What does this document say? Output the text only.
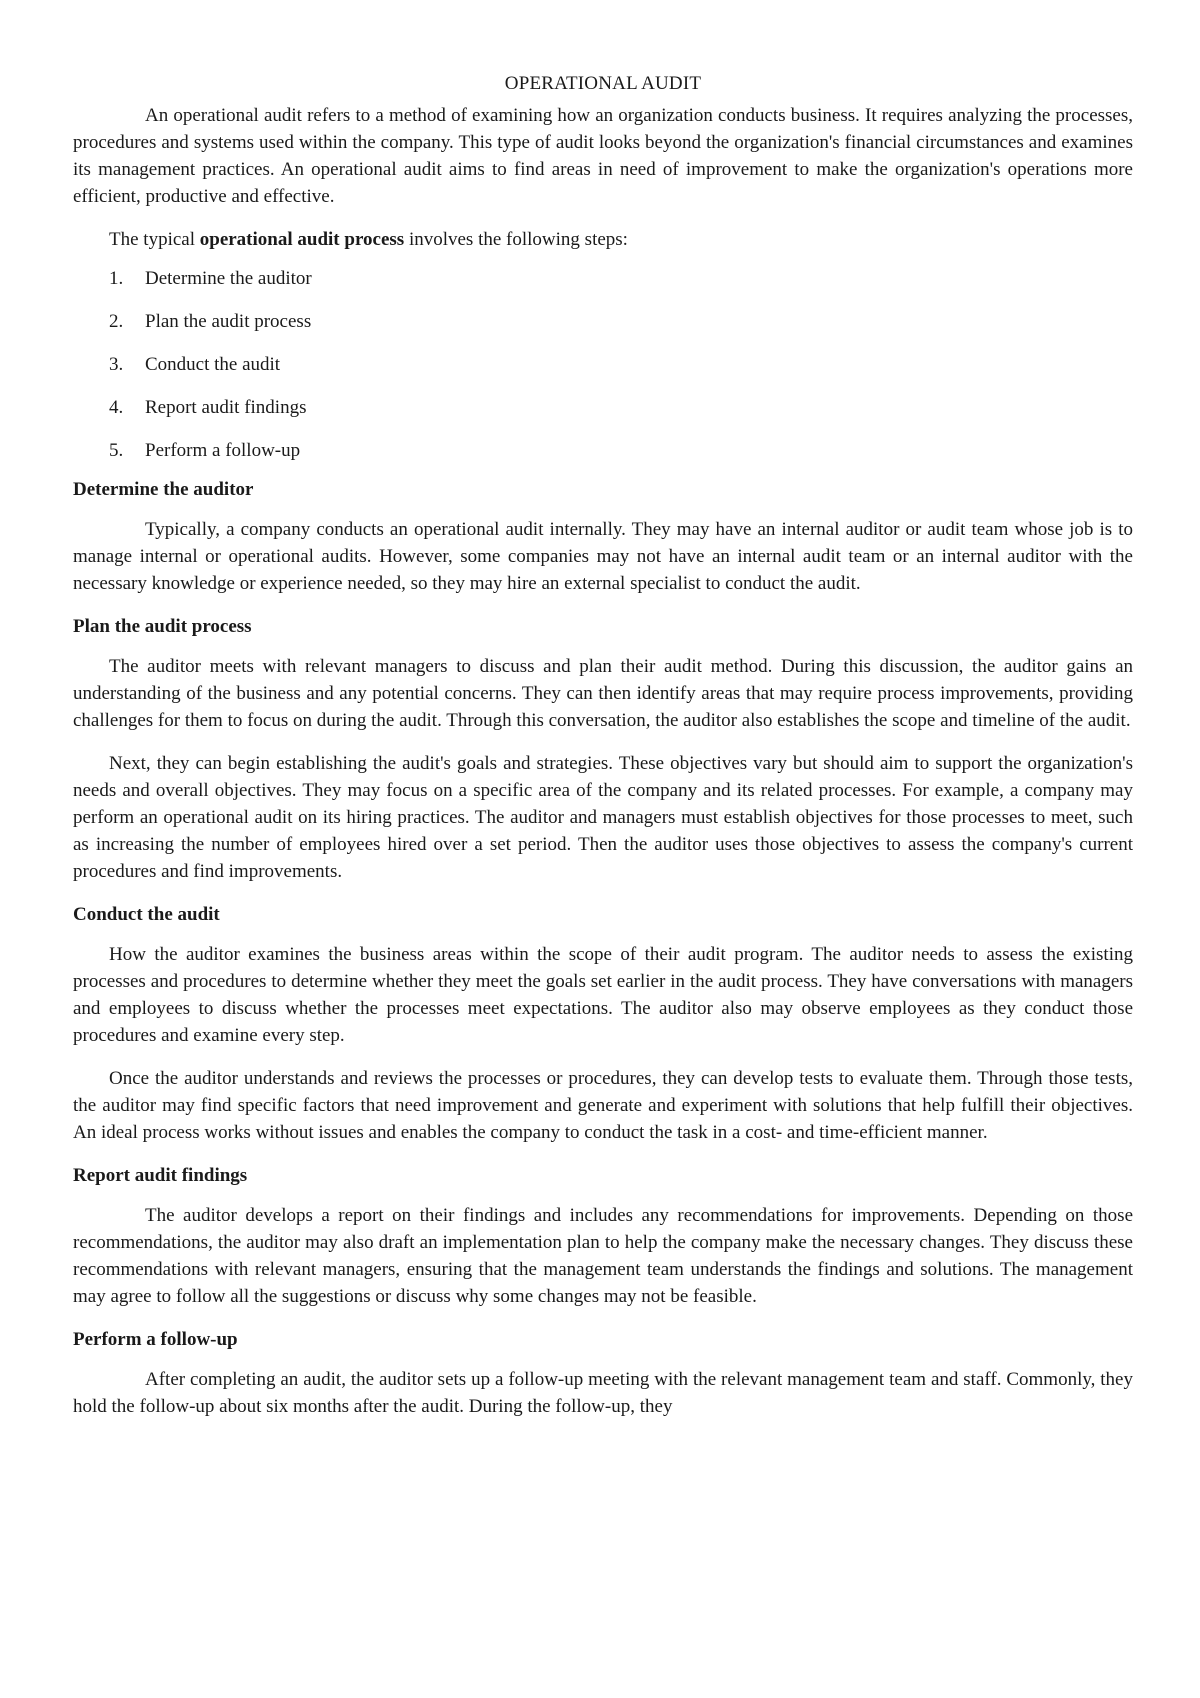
OPERATIONAL AUDIT

An operational audit refers to a method of examining how an organization conducts business. It requires analyzing the processes, procedures and systems used within the company. This type of audit looks beyond the organization's financial circumstances and examines its management practices. An operational audit aims to find areas in need of improvement to make the organization's operations more efficient, productive and effective.

The typical operational audit process involves the following steps:

1.	Determine the auditor
2.	Plan the audit process
3.	Conduct the audit
4.	Report audit findings
5.	Perform a follow-up
Determine the auditor

Typically, a company conducts an operational audit internally. They may have an internal auditor or audit team whose job is to manage internal or operational audits. However, some companies may not have an internal audit team or an internal auditor with the necessary knowledge or experience needed, so they may hire an external specialist to conduct the audit.

Plan the audit process

The auditor meets with relevant managers to discuss and plan their audit method. During this discussion, the auditor gains an understanding of the business and any potential concerns. They can then identify areas that may require process improvements, providing challenges for them to focus on during the audit. Through this conversation, the auditor also establishes the scope and timeline of the audit.

Next, they can begin establishing the audit's goals and strategies. These objectives vary but should aim to support the organization's needs and overall objectives. They may focus on a specific area of the company and its related processes. For example, a company may perform an operational audit on its hiring practices. The auditor and managers must establish objectives for those processes to meet, such as increasing the number of employees hired over a set period. Then the auditor uses those objectives to assess the company's current procedures and find improvements.

Conduct the audit

How the auditor examines the business areas within the scope of their audit program. The auditor needs to assess the existing processes and procedures to determine whether they meet the goals set earlier in the audit process. They have conversations with managers and employees to discuss whether the processes meet expectations. The auditor also may observe employees as they conduct those procedures and examine every step.

Once the auditor understands and reviews the processes or procedures, they can develop tests to evaluate them. Through those tests, the auditor may find specific factors that need improvement and generate and experiment with solutions that help fulfill their objectives. An ideal process works without issues and enables the company to conduct the task in a cost- and time-efficient manner.

Report audit findings

The auditor develops a report on their findings and includes any recommendations for improvements. Depending on those recommendations, the auditor may also draft an implementation plan to help the company make the necessary changes. They discuss these recommendations with relevant managers, ensuring that the management team understands the findings and solutions. The management may agree to follow all the suggestions or discuss why some changes may not be feasible.

Perform a follow-up

After completing an audit, the auditor sets up a follow-up meeting with the relevant management team and staff. Commonly, they hold the follow-up about six months after the audit. During the follow-up, they
